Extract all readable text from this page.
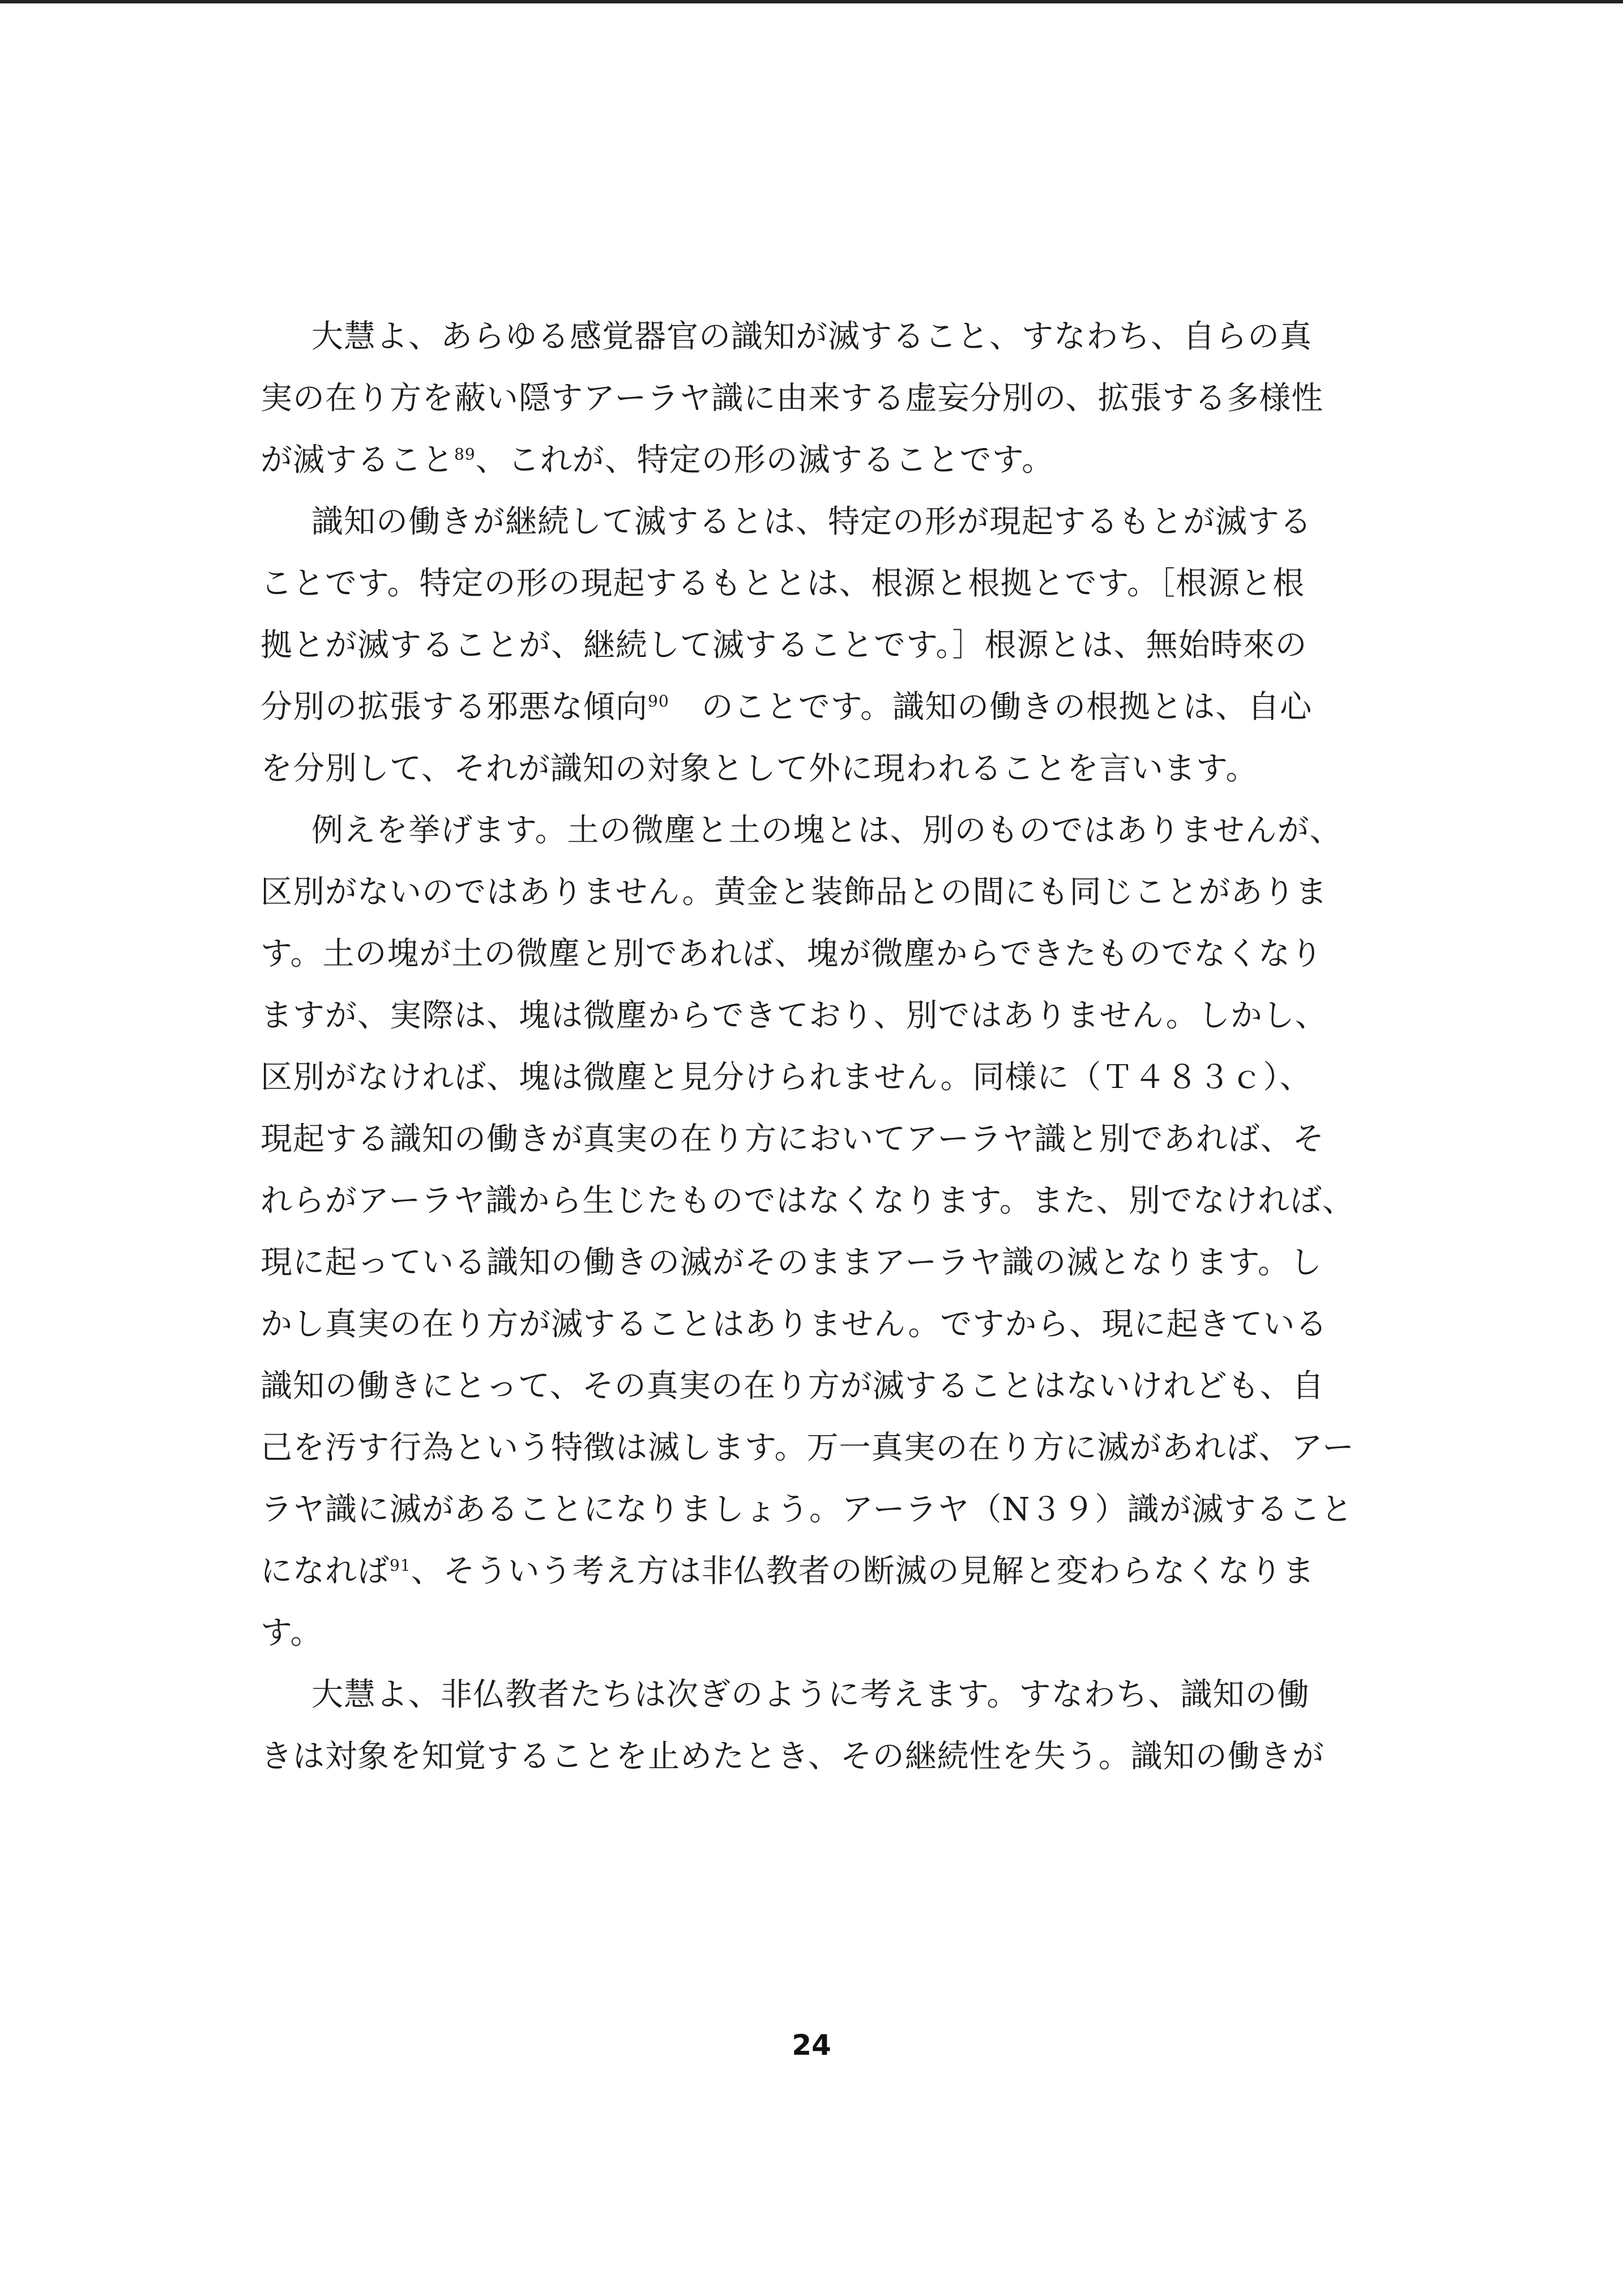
大慧よ、あらゆる感覚器官の識知が滅すること、すなわち、自らの真
実の在り方を蔽い隠すアーラヤ識に由来する虚妄分別の、拡張する多様性
が滅すること$^{89}$、これが、特定の形の滅することです。
識知の働きが継続して滅するとは、特定の形が現起するもとが滅する
ことです。特定の形の現起するもととは、根源と根拠とです。［根源と根
拠とが滅することが、継続して滅することです。］根源とは、無始時來の
分別の拡張する邪悪な傾向$^{90}$　のことです。識知の働きの根拠とは、自心
を分別して、それが識知の対象として外に現われることを言います。
例えを挙げます。土の微塵と土の塊とは、別のものではありませんが、
区別がないのではありません。黄金と装飾品との間にも同じことがありま
す。土の塊が土の微塵と別であれば、塊が微塵からできたものでなくなり
ますが、実際は、塊は微塵からできており、別ではありません。しかし、
区別がなければ、塊は微塵と見分けられません。同様に（Ｔ４８３ｃ）、
現起する識知の働きが真実の在り方においてアーラヤ識と別であれば、そ
れらがアーラヤ識から生じたものではなくなります。また、別でなければ、
現に起っている識知の働きの滅がそのままアーラヤ識の滅となります。し
かし真実の在り方が滅することはありません。ですから、現に起きている
識知の働きにとって、その真実の在り方が滅することはないけれども、自
己を汚す行為という特徴は滅します。万一真実の在り方に滅があれば、アー
ラヤ識に滅があることになりましょう。アーラヤ（N３９）識が滅すること
になれば$^{91}$、そういう考え方は非仏教者の断滅の見解と変わらなくなりま
す。
大慧よ、非仏教者たちは次ぎのように考えます。すなわち、識知の働
きは対象を知覚することを止めたとき、その継続性を失う。識知の働きが
24
